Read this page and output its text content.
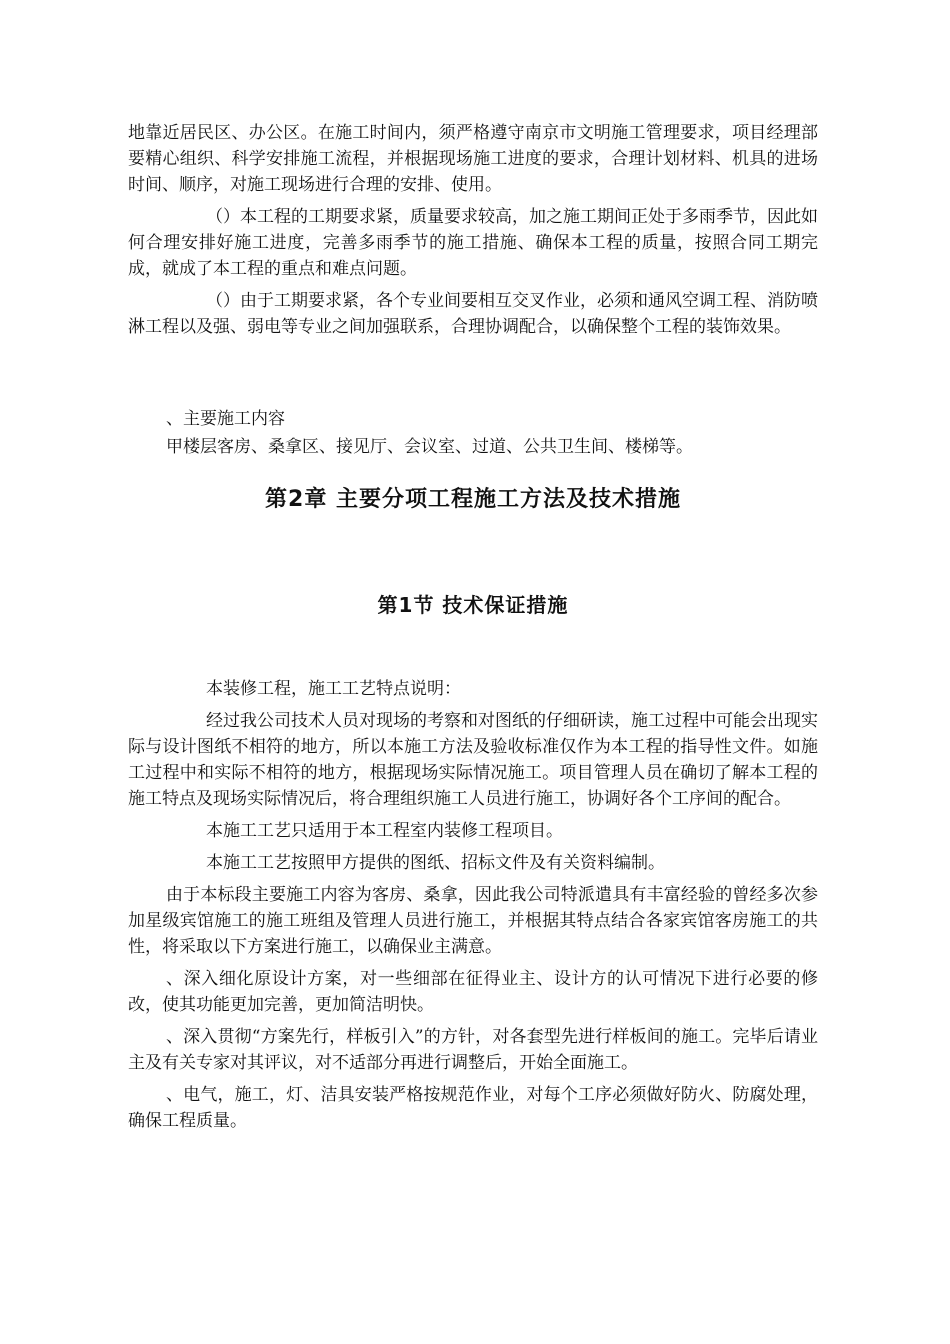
地靠近居民区、办公区。在施工时间内，须严格遵守南京市文明施工管理要求，项目经理部要精心组织、科学安排施工流程，并根据现场施工进度的要求，合理计划材料、机具的进场时间、顺序，对施工现场进行合理的安排、使用。

（）本工程的工期要求紧，质量要求较高，加之施工期间正处于多雨季节，因此如何合理安排好施工进度，完善多雨季节的施工措施、确保本工程的质量，按照合同工期完成，就成了本工程的重点和难点问题。

（）由于工期要求紧，各个专业间要相互交叉作业，必须和通风空调工程、消防喷淋工程以及强、弱电等专业之间加强联系，合理协调配合，以确保整个工程的装饰效果。

、主要施工内容

甲楼层客房、桑拿区、接见厅、会议室、过道、公共卫生间、楼梯等。

第2章 主要分项工程施工方法及技术措施
第1节 技术保证措施

本装修工程，施工工艺特点说明：

经过我公司技术人员对现场的考察和对图纸的仔细研读，施工过程中可能会出现实际与设计图纸不相符的地方，所以本施工方法及验收标准仅作为本工程的指导性文件。如施工过程中和实际不相符的地方，根据现场实际情况施工。项目管理人员在确切了解本工程的施工特点及现场实际情况后，将合理组织施工人员进行施工，协调好各个工序间的配合。

本施工工艺只适用于本工程室内装修工程项目。

本施工工艺按照甲方提供的图纸、招标文件及有关资料编制。

由于本标段主要施工内容为客房、桑拿，因此我公司特派遣具有丰富经验的曾经多次参加星级宾馆施工的施工班组及管理人员进行施工，并根据其特点结合各家宾馆客房施工的共性，将采取以下方案进行施工，以确保业主满意。

、深入细化原设计方案，对一些细部在征得业主、设计方的认可情况下进行必要的修改，使其功能更加完善，更加简洁明快。

、深入贯彻“方案先行，样板引入”的方针，对各套型先进行样板间的施工。完毕后请业主及有关专家对其评议，对不适部分再进行调整后，开始全面施工。

、电气，施工，灯、洁具安装严格按规范作业，对每个工序必须做好防火、防腐处理，确保工程质量。
